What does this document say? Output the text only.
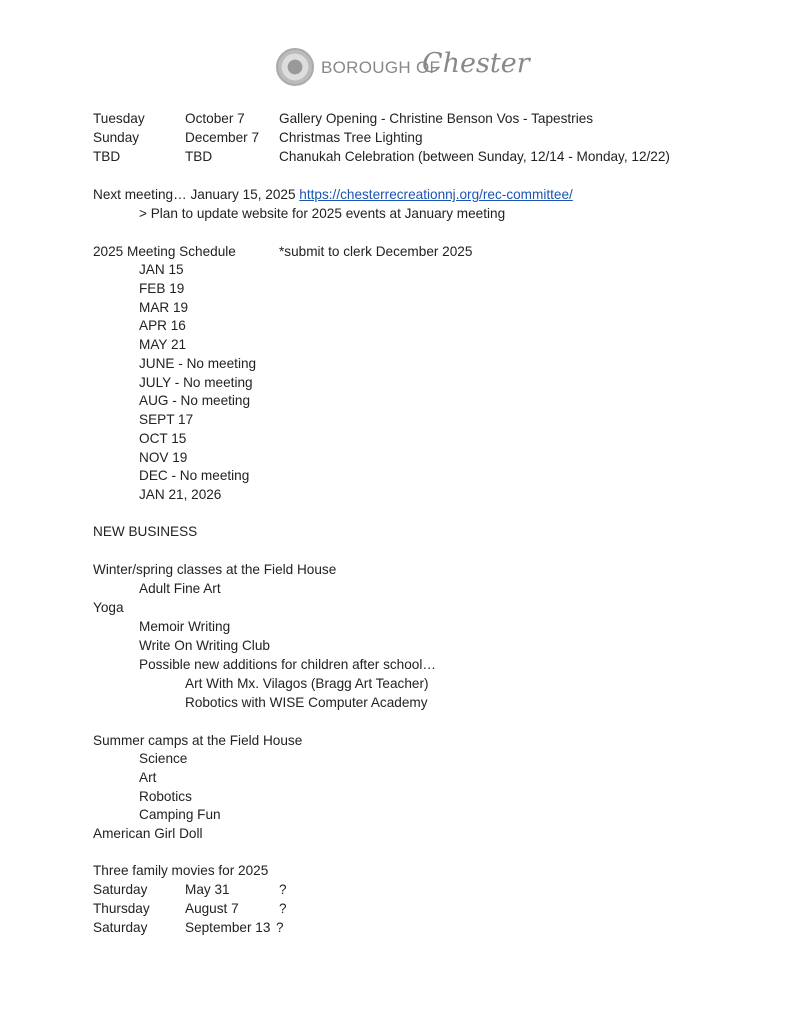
BOROUGH OF
Chester
Tuesday	October 7	Gallery Opening - Christine Benson Vos - Tapestries
Sunday	December 7 Christmas Tree Lighting
TBD	TBD	Chanukah Celebration (between Sunday, 12/14 - Monday, 12/22)
Next meeting… January 15, 2025 https://chesterrecreationnj.org/rec-committee/
> Plan to update website for 2025 events at January meeting
2025 Meeting Schedule	*submit to clerk December 2025
JAN 15
FEB 19
MAR 19
APR 16
MAY 21
JUNE - No meeting
JULY - No meeting
AUG - No meeting
SEPT 17
OCT 15
NOV 19
DEC - No meeting
JAN 21, 2026
NEW BUSINESS
Winter/spring classes at the Field House
Adult Fine Art
Yoga
Memoir Writing
Write On Writing Club
Possible new additions for children after school…
Art With Mx. Vilagos (Bragg Art Teacher)
Robotics with WISE Computer Academy
Summer camps at the Field House
Science
Art
Robotics
Camping Fun
American Girl Doll
Three family movies for 2025
Saturday	May 31	?
Thursday	August 7	?
Saturday	September 13 ?
